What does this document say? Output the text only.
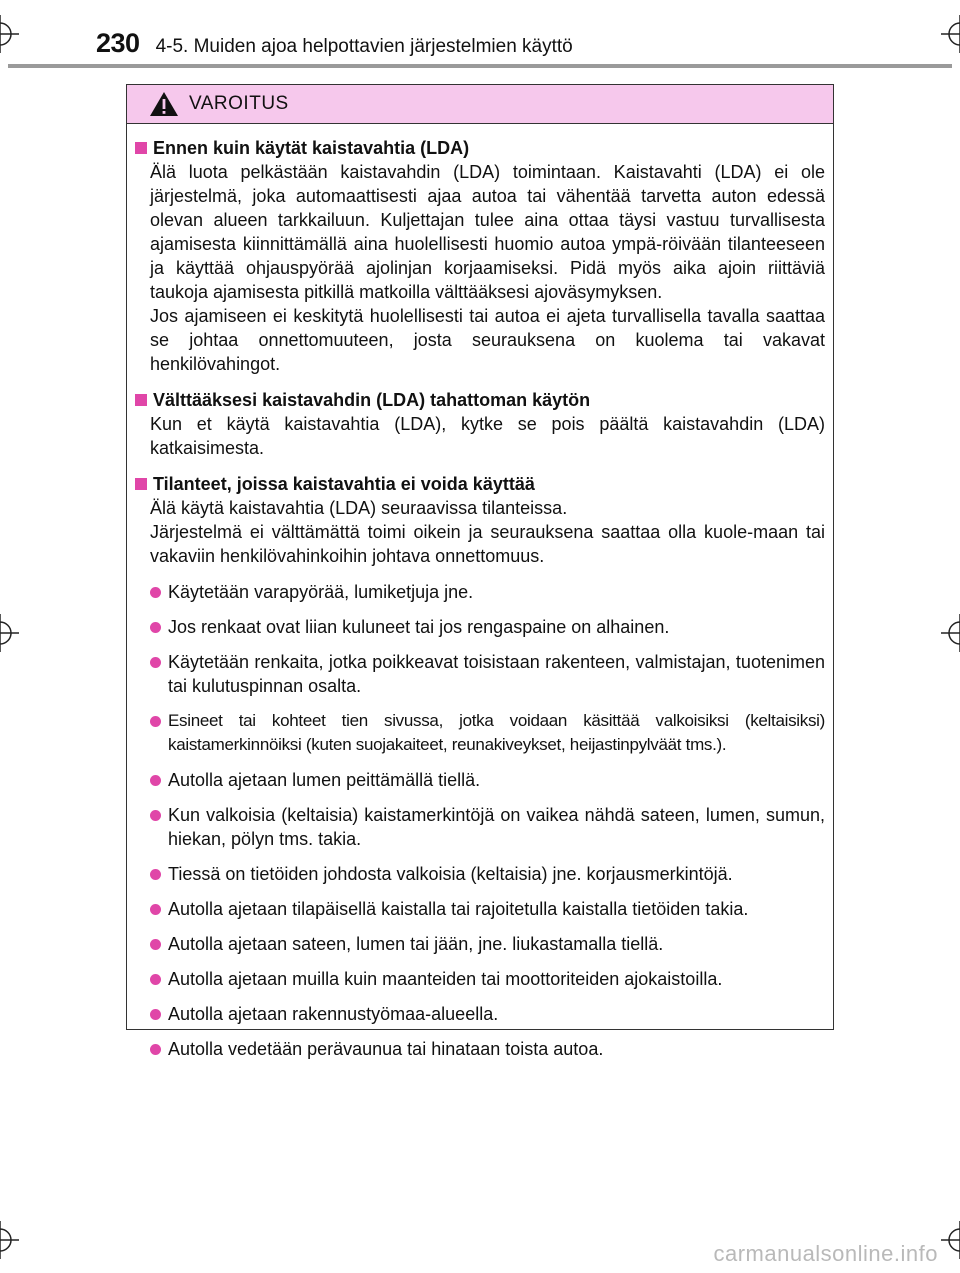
230 4-5. Muiden ajoa helpottavien järjestelmien käyttö
VAROITUS
Ennen kuin käytät kaistavahtia (LDA)
Älä luota pelkästään kaistavahdin (LDA) toimintaan. Kaistavahti (LDA) ei ole järjestelmä, joka automaattisesti ajaa autoa tai vähentää tarvetta auton edessä olevan alueen tarkkailuun. Kuljettajan tulee aina ottaa täysi vastuu turvallisesta ajamisesta kiinnittämällä aina huolellisesti huomio autoa ympä-röivään tilanteeseen ja käyttää ohjauspyörää ajolinjan korjaamiseksi. Pidä myös aika ajoin riittäviä taukoja ajamisesta pitkillä matkoilla välttääksesi ajoväsymyksen.
Jos ajamiseen ei keskitytä huolellisesti tai autoa ei ajeta turvallisella tavalla saattaa se johtaa onnettomuuteen, josta seurauksena on kuolema tai vakavat henkilövahingot.
Välttääksesi kaistavahdin (LDA) tahattoman käytön
Kun et käytä kaistavahtia (LDA), kytke se pois päältä kaistavahdin (LDA) katkaisimesta.
Tilanteet, joissa kaistavahtia ei voida käyttää
Älä käytä kaistavahtia (LDA) seuraavissa tilanteissa.
Järjestelmä ei välttämättä toimi oikein ja seurauksena saattaa olla kuole-maan tai vakaviin henkilövahinkoihin johtava onnettomuus.
Käytetään varapyörää, lumiketjuja jne.
Jos renkaat ovat liian kuluneet tai jos rengaspaine on alhainen.
Käytetään renkaita, jotka poikkeavat toisistaan rakenteen, valmistajan, tuotenimen tai kulutuspinnan osalta.
Esineet tai kohteet tien sivussa, jotka voidaan käsittää valkoisiksi (keltaisiksi) kaistamerkinnöiksi (kuten suojakaiteet, reunakiveykset, heijastinpylväät tms.).
Autolla ajetaan lumen peittämällä tiellä.
Kun valkoisia (keltaisia) kaistamerkintöjä on vaikea nähdä sateen, lumen, sumun, hiekan, pölyn tms. takia.
Tiessä on tietöiden johdosta valkoisia (keltaisia) jne. korjausmerkintöjä.
Autolla ajetaan tilapäisellä kaistalla tai rajoitetulla kaistalla tietöiden takia.
Autolla ajetaan sateen, lumen tai jään, jne. liukastamalla tiellä.
Autolla ajetaan muilla kuin maanteiden tai moottoriteiden ajokaistoilla.
Autolla ajetaan rakennustyömaa-alueella.
Autolla vedetään perävaunua tai hinataan toista autoa.
carmanualsonline.info
